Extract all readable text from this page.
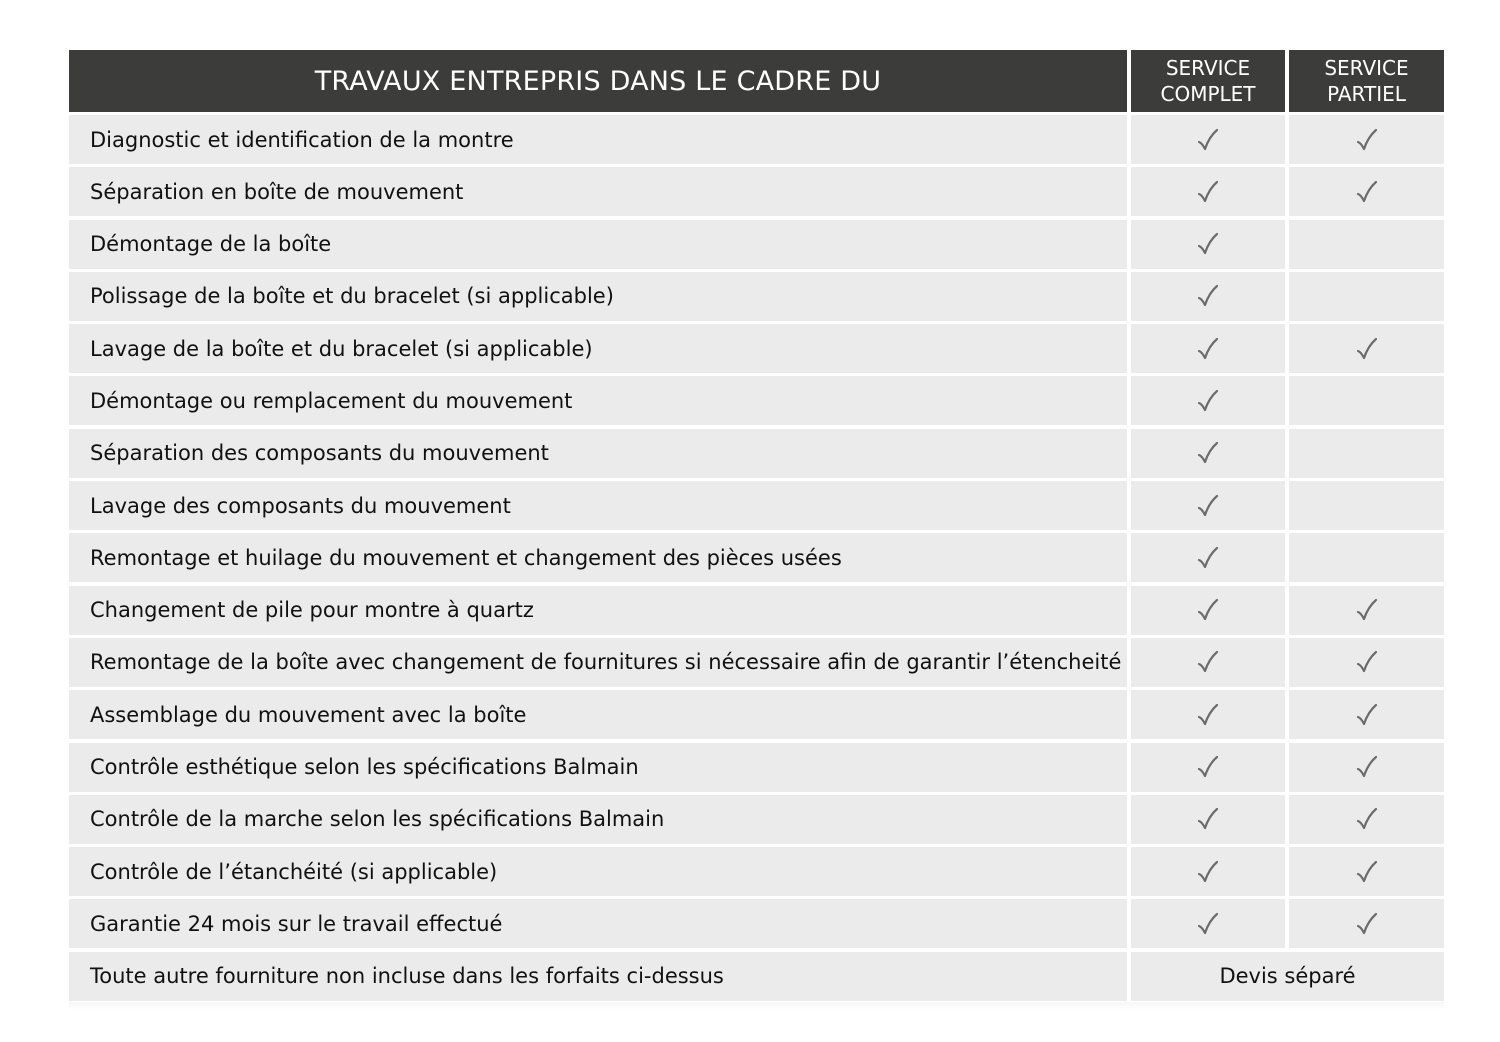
TRAVAUX ENTREPRIS DANS LE CADRE DU	SERVICE
COMPLET
SERVICE
PARTIEL
Diagnostic et identification de la montre
Séparation en boîte de mouvement
Démontage de la boîte
Polissage de la boîte et du bracelet (si applicable)
Lavage de la boîte et du bracelet (si applicable)
Démontage ou remplacement du mouvement
Séparation des composants du mouvement
Lavage des composants du mouvement
Remontage et huilage du mouvement et changement des pièces usées
Changement de pile pour montre à quartz
Remontage de la boîte avec changement de fournitures si nécessaire afin de garantir l’étencheité
Assemblage du mouvement avec la boîte
Contrôle esthétique selon les spécifications Balmain
Contrôle de la marche selon les spécifications Balmain
Contrôle de l’étanchéité (si applicable)
Garantie 24 mois sur le travail effectué
Toute autre fourniture non incluse dans les forfaits ci-dessus	Devis séparé
